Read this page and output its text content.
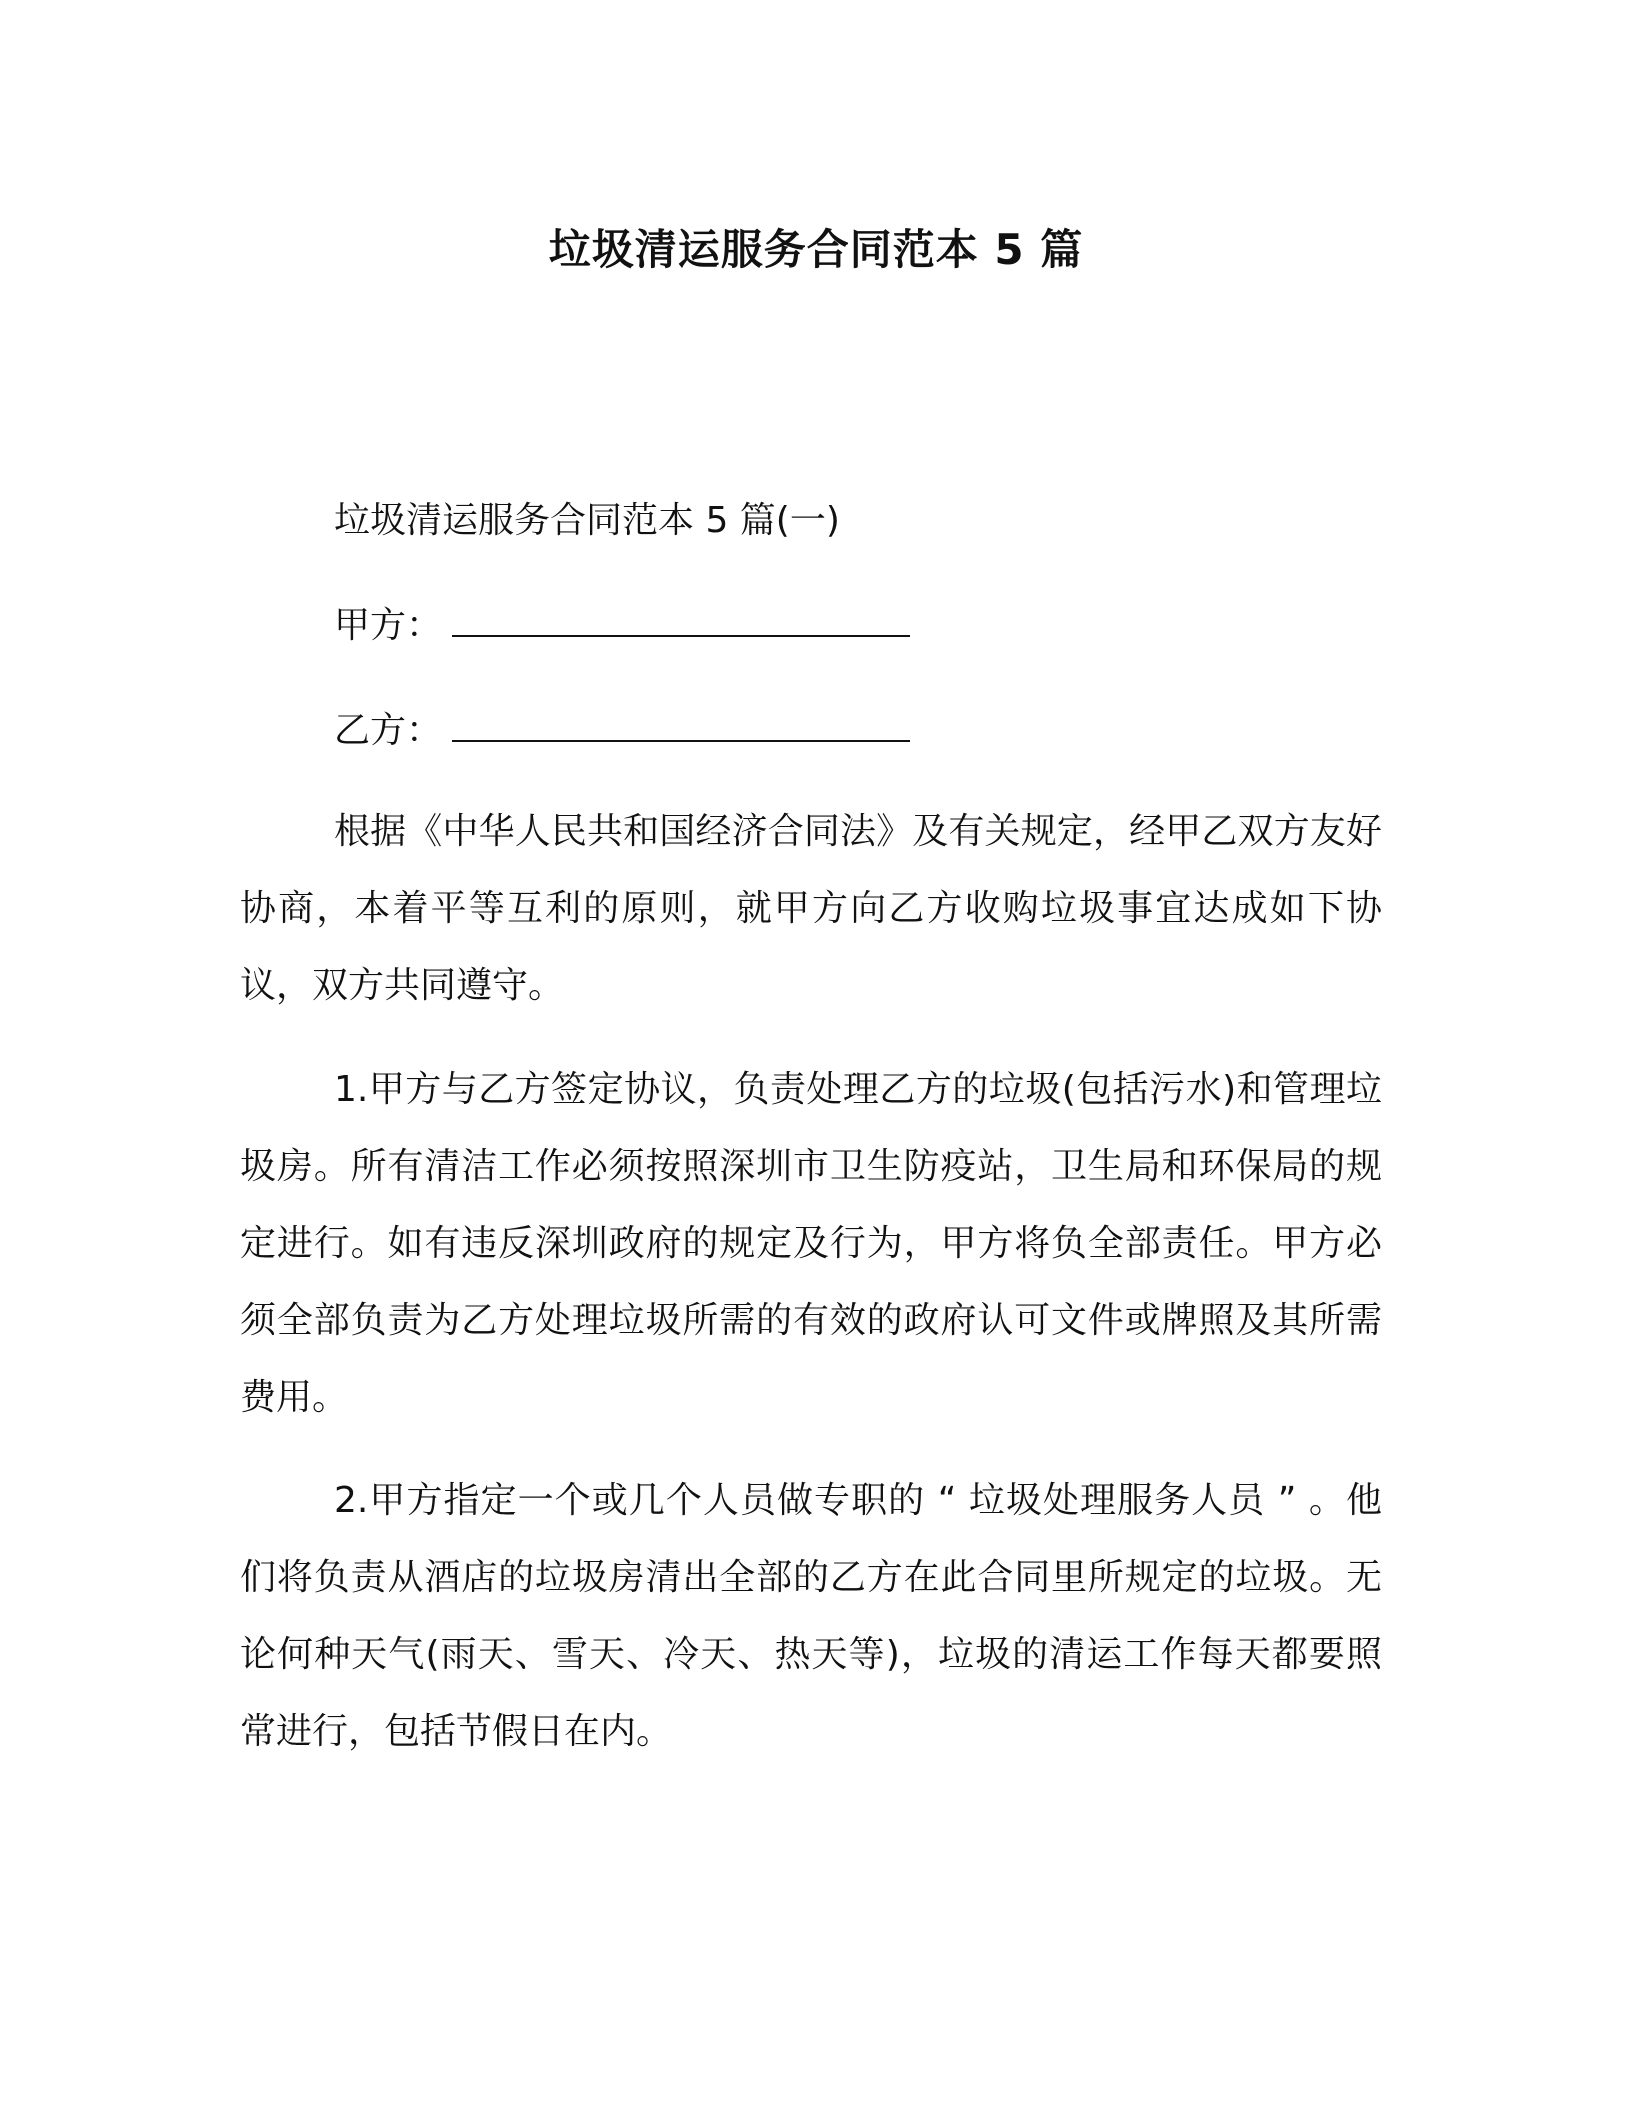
垃圾清运服务合同范本 5 篇
垃圾清运服务合同范本 5 篇(一)
甲方：
乙方：
根据《中华人民共和国经济合同法》及有关规定，经甲乙双方友好协商，本着平等互利的原则，就甲方向乙方收购垃圾事宜达成如下协议，双方共同遵守。
1.甲方与乙方签定协议，负责处理乙方的垃圾(包括污水)和管理垃圾房。所有清洁工作必须按照深圳市卫生防疫站，卫生局和环保局的规定进行。如有违反深圳政府的规定及行为，甲方将负全部责任。甲方必须全部负责为乙方处理垃圾所需的有效的政府认可文件或牌照及其所需费用。
2.甲方指定一个或几个人员做专职的 “ 垃圾处理服务人员 ” 。他们将负责从酒店的垃圾房清出全部的乙方在此合同里所规定的垃圾。无论何种天气(雨天、雪天、冷天、热天等)，垃圾的清运工作每天都要照常进行，包括节假日在内。
